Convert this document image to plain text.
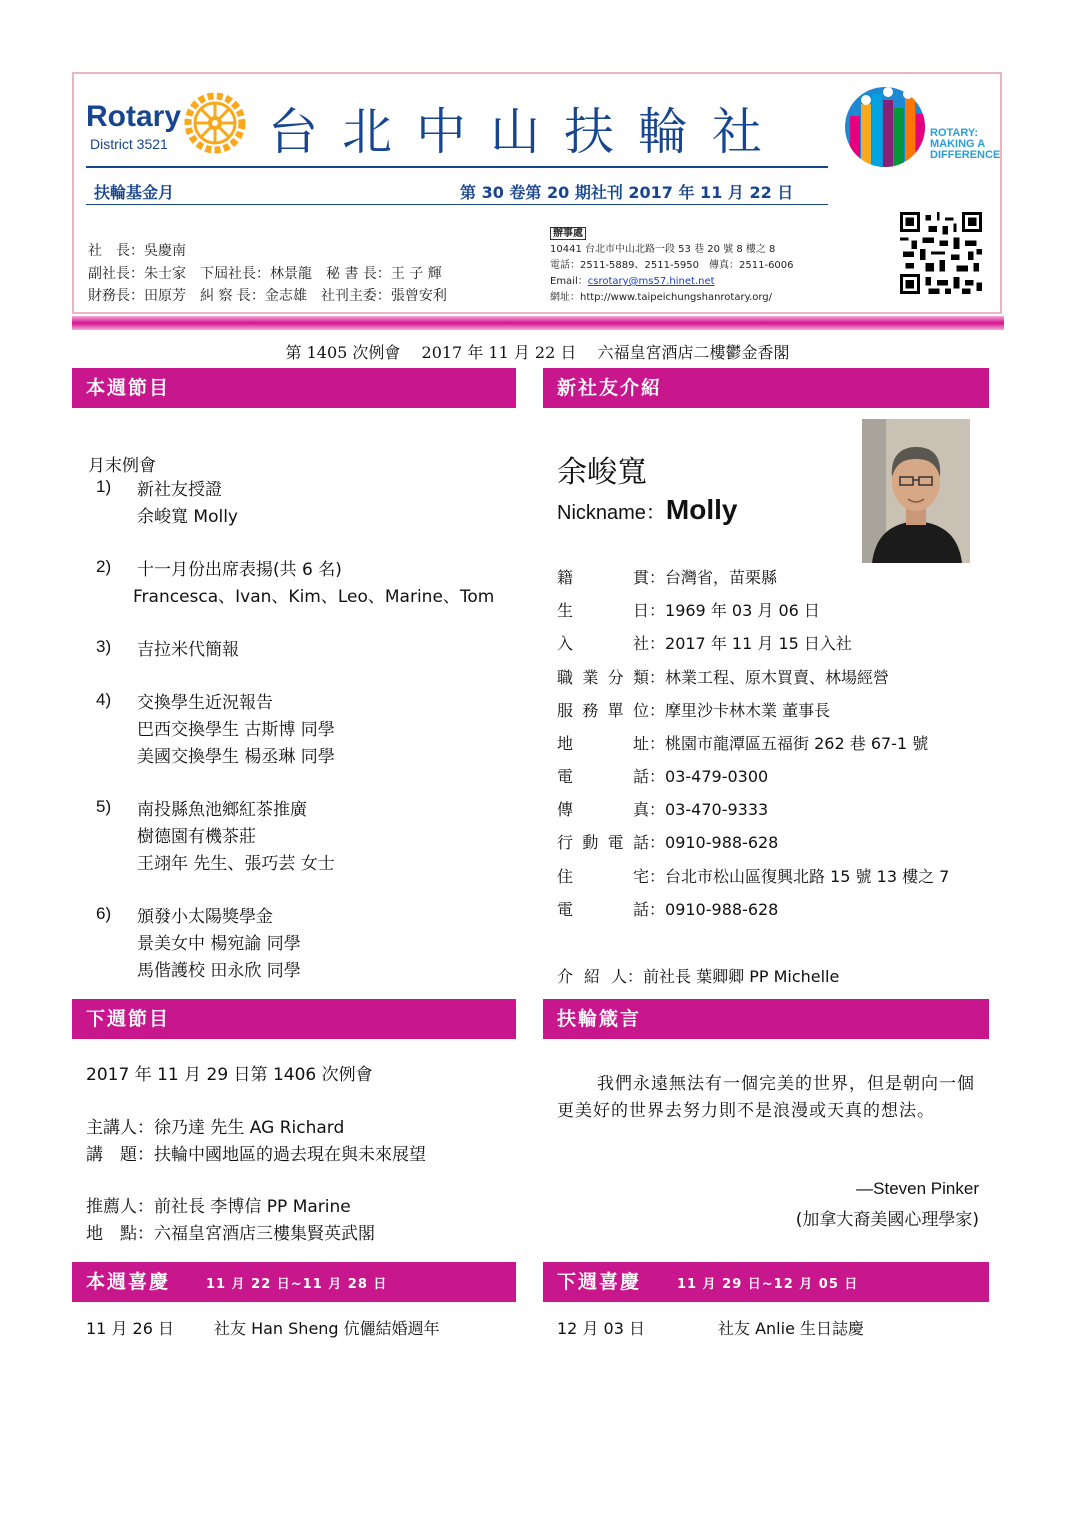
Rotary
District 3521 台北中山扶輪社
扶輪基金月	第 30 卷第 20 期社刊 2017 年 11 月 22 日
ROTARY: MAKING A DIFFERENCE
社　長：吳慶南
副社長：朱士家　下屆社長：林景龍　秘 書 長：王 子 輝
財務長：田原芳　糾 察 長：金志雄　社刊主委：張曾安利
辦事處
10441 台北市中山北路一段 53 巷 20 號 8 樓之 8
電話：2511-5889、2511-5950　傳真：2511-6006
Email：csrotary@ms57.hinet.net
網址：http://www.taipeichungshanrotary.org/
第 1405 次例會　 2017 年 11 月 22 日　 六福皇宮酒店二樓鬱金香閣
本週節目
月末例會
1) 新社友授證
余峻寬 Molly
2) 十一月份出席表揚(共 6 名)
Francesca、Ivan、Kim、Leo、Marine、Tom
3) 吉拉米代簡報
4) 交換學生近況報告
巴西交換學生 古斯博 同學
美國交換學生 楊丞琳 同學
5) 南投縣魚池鄉紅茶推廣
樹德園有機茶莊
王翊年 先生、張巧芸 女士
6) 頒發小太陽獎學金
景美女中 楊宛諭 同學
馬偕護校 田永欣 同學
新社友介紹
余峻寬
Nickname：Molly
籍貫：台灣省，苗栗縣
生日：1969 年 03 月 06 日
入社：2017 年 11 月 15 日入社
職業分類：林業工程、原木買賣、林場經營
服務單位：摩里沙卡林木業 董事長
地址：桃園市龍潭區五福街 262 巷 67-1 號
電話：03-479-0300
傳真：03-470-9333
行動電話：0910-988-628
住宅：台北市松山區復興北路 15 號 13 樓之 7
電話：0910-988-628
介紹人：前社長 葉卿卿 PP Michelle
下週節目
2017 年 11 月 29 日第 1406 次例會
主講人：徐乃達 先生 AG Richard
講題：扶輪中國地區的過去現在與未來展望
推薦人：前社長 李博信 PP Marine
地點：六福皇宮酒店三樓集賢英武閣
扶輪箴言
我們永遠無法有一個完美的世界，但是朝向一個更美好的世界去努力則不是浪漫或天真的想法。
—Steven Pinker
(加拿大裔美國心理學家)
本週喜慶	11 月 22 日~11 月 28 日
11 月 26 日	社友 Han Sheng 伉儷結婚週年
下週喜慶	11 月 29 日~12 月 05 日
12 月 03 日	社友 Anlie 生日誌慶
